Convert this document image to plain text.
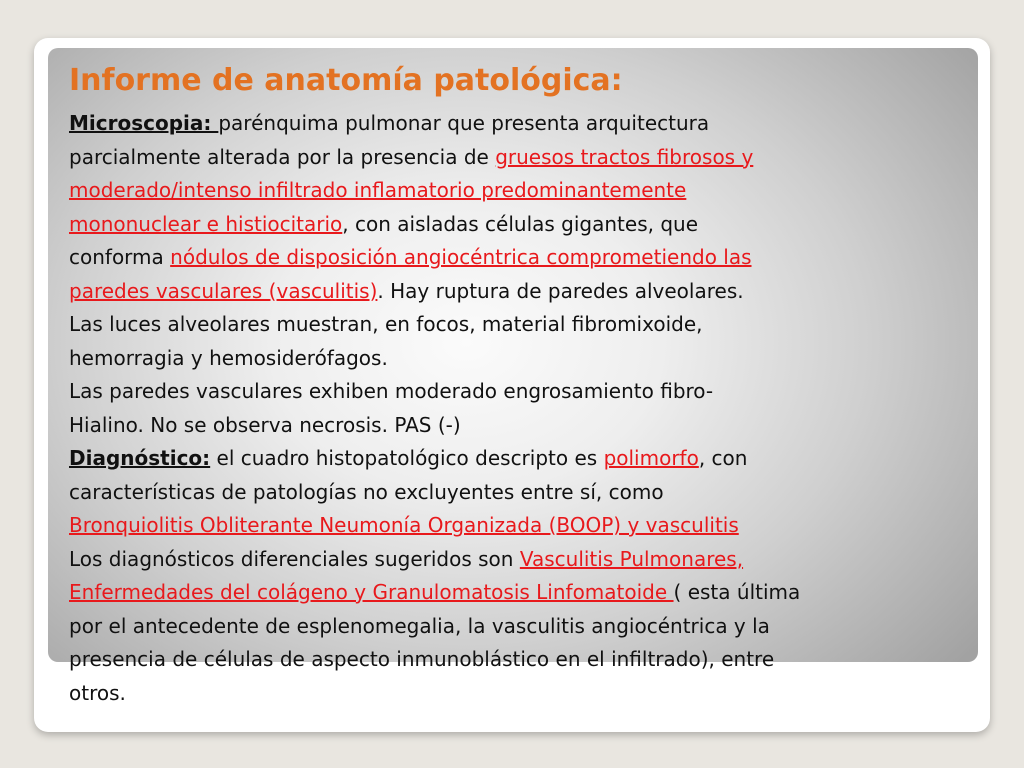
Informe de anatomía patológica:
Microscopia: parénquima pulmonar que presenta arquitectura
parcialmente alterada por la presencia de gruesos tractos fibrosos y
moderado/intenso infiltrado inflamatorio predominantemente
mononuclear e histiocitario, con aisladas células gigantes, que
conforma nódulos de disposición angiocéntrica comprometiendo las
paredes vasculares (vasculitis). Hay ruptura de paredes alveolares.
Las luces alveolares muestran, en focos, material fibromixoide,
hemorragia y hemosiderófagos.
Las paredes vasculares exhiben moderado engrosamiento fibro-
Hialino. No se observa necrosis. PAS (-)
Diagnóstico: el cuadro histopatológico descripto es polimorfo, con
características de patologías no excluyentes entre sí, como
Bronquiolitis Obliterante Neumonía Organizada (BOOP) y vasculitis
Los diagnósticos diferenciales sugeridos son Vasculitis Pulmonares,
Enfermedades del colágeno y Granulomatosis Linfomatoide ( esta última
por el antecedente de esplenomegalia, la vasculitis angiocéntrica y la
presencia de células de aspecto inmunoblástico en el infiltrado), entre
otros.
